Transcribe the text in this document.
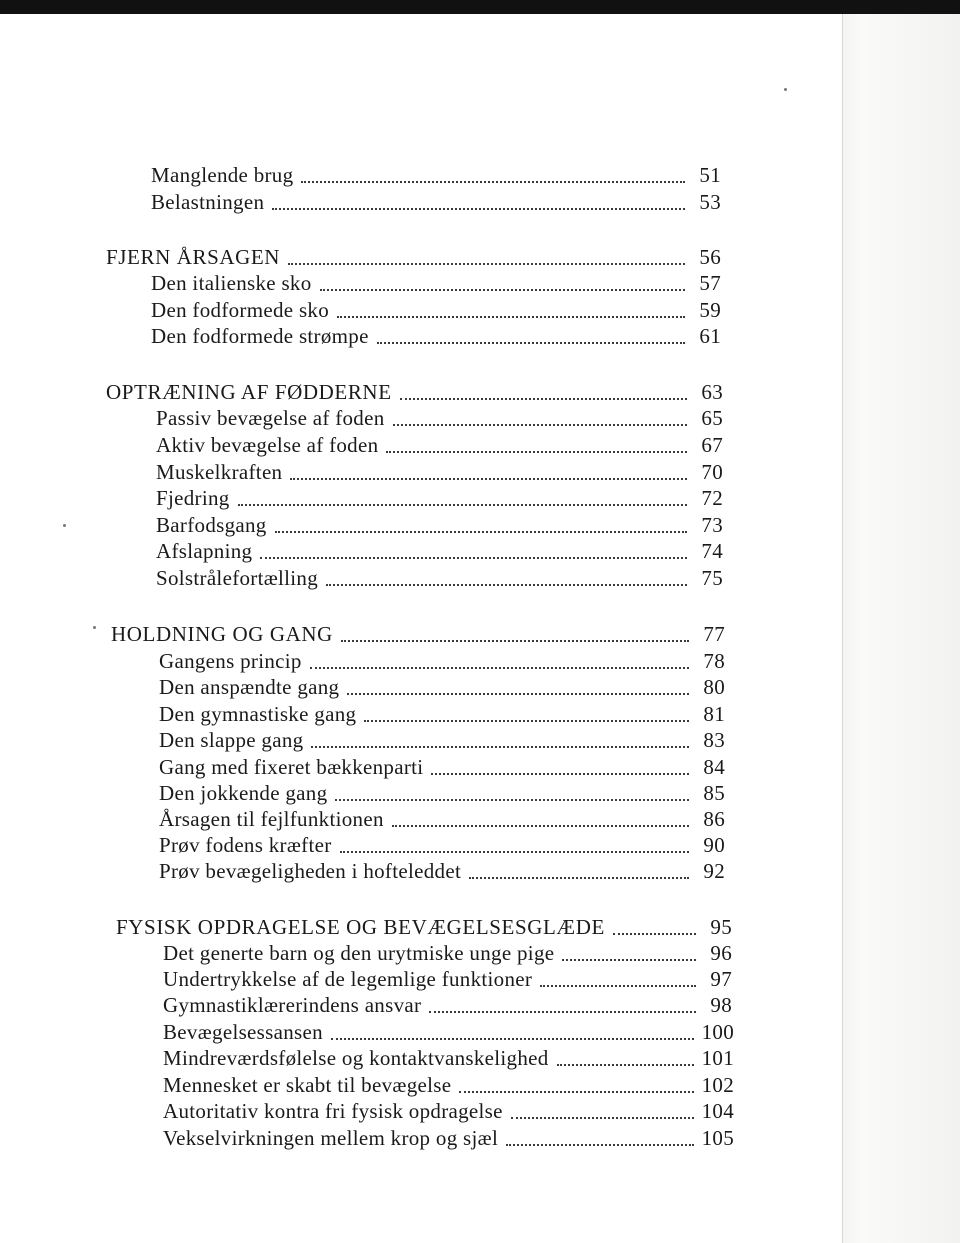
Manglende brug	51
Belastningen	53
FJERN ÅRSAGEN	56
Den italienske sko	57
Den fodformede sko	59
Den fodformede strømpe	61
OPTRÆNING AF FØDDERNE	63
Passiv bevægelse af foden	65
Aktiv bevægelse af foden	67
Muskelkraften	70
Fjedring	72
Barfodsgang	73
Afslapning	74
Solstrålefortælling	75
HOLDNING OG GANG	77
Gangens princip	78
Den anspændte gang	80
Den gymnastiske gang	81
Den slappe gang	83
Gang med fixeret bækkenparti	84
Den jokkende gang	85
Årsagen til fejlfunktionen	86
Prøv fodens kræfter	90
Prøv bevægeligheden i hofteleddet	92
FYSISK OPDRAGELSE OG BEVÆGELSESGLÆDE	95
Det generte barn og den urytmiske unge pige	96
Undertrykkelse af de legemlige funktioner	97
Gymnastiklærerindens ansvar	98
Bevægelsessansen	100
Mindreværdsfølelse og kontaktvanskelighed	101
Mennesket er skabt til bevægelse	102
Autoritativ kontra fri fysisk opdragelse	104
Vekselvirkningen mellem krop og sjæl	105
